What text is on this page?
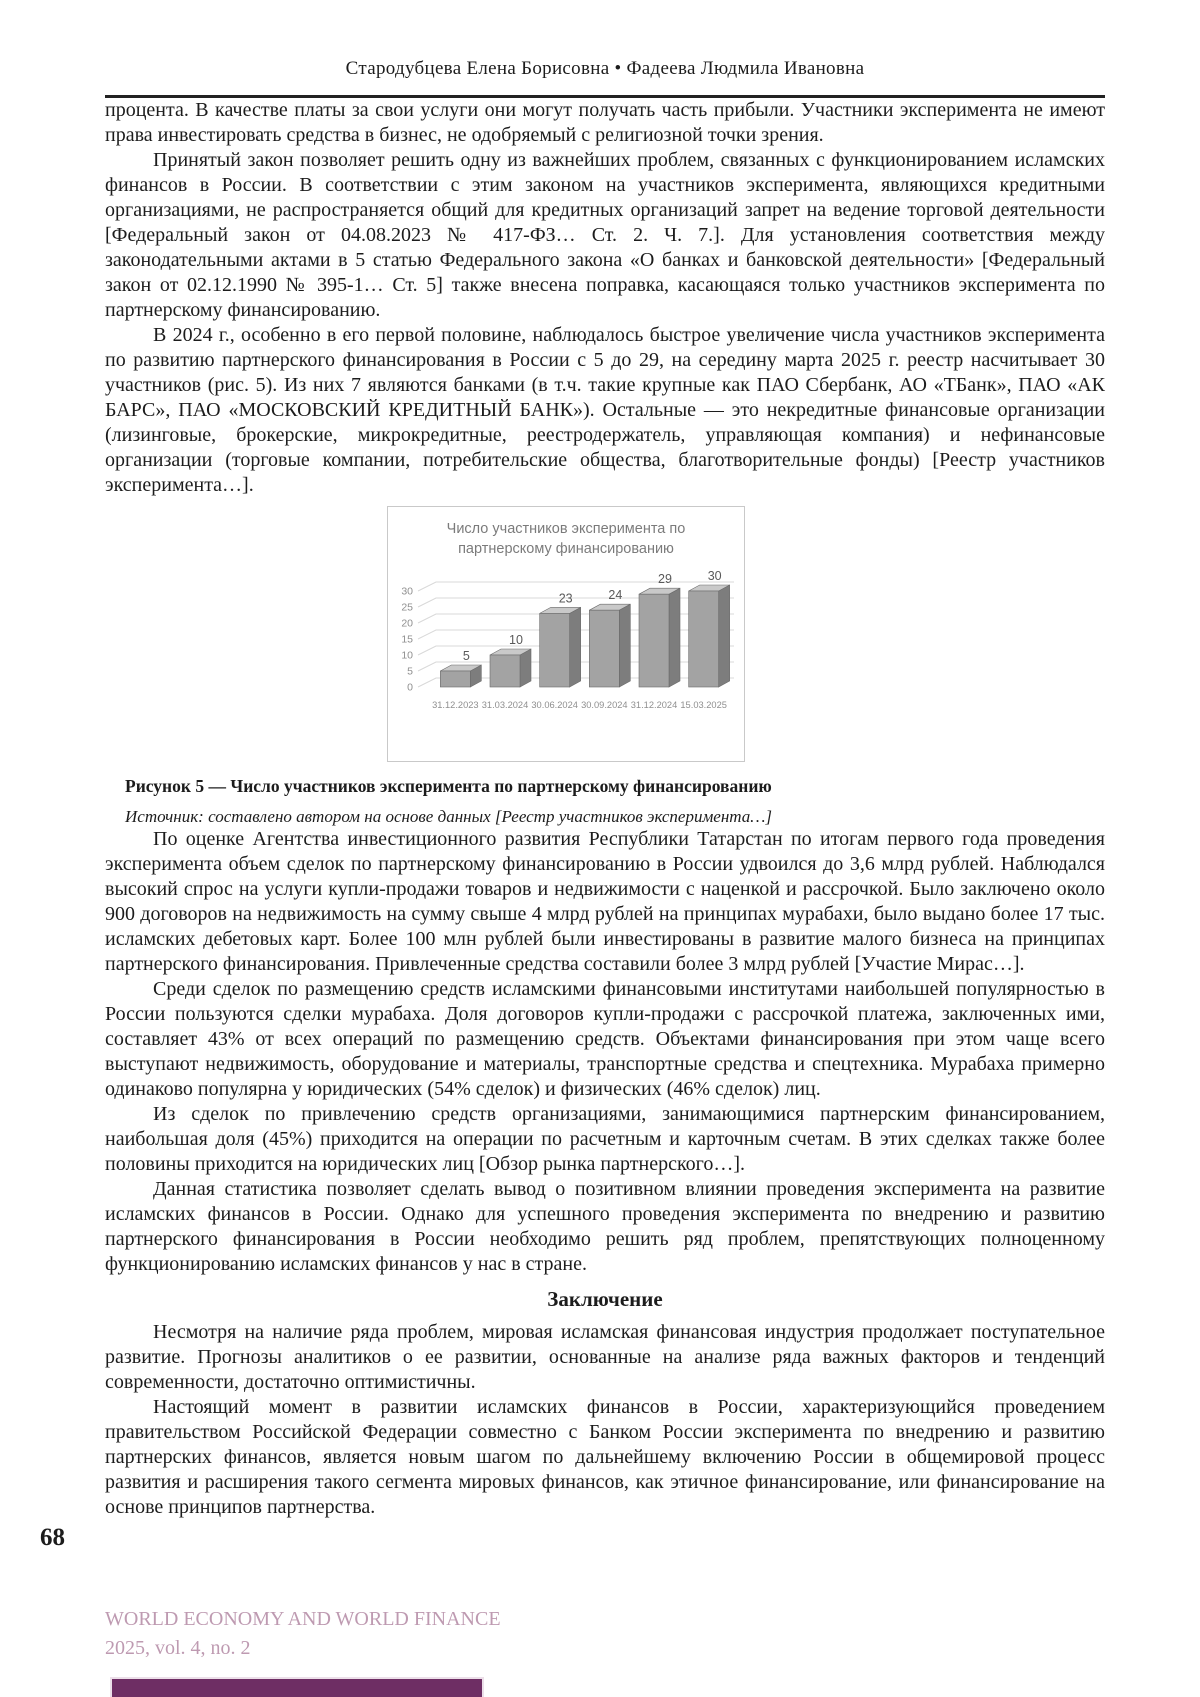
Стародубцева Елена Борисовна • Фадеева Людмила Ивановна

процента. В качестве платы за свои услуги они могут получать часть прибыли. Участники эксперимента не имеют права инвестировать средства в бизнес, не одобряемый с религиозной точки зрения.

Принятый закон позволяет решить одну из важнейших проблем, связанных с функционированием исламских финансов в России. В соответствии с этим законом на участников эксперимента, являющихся кредитными организациями, не распространяется общий для кредитных организаций запрет на ведение торговой деятельности [Федеральный закон от 04.08.2023 № 417-ФЗ… Ст. 2. Ч. 7.]. Для установления соответствия между законодательными актами в 5 статью Федерального закона «О банках и банковской деятельности» [Федеральный закон от 02.12.1990 № 395-1… Ст. 5] также внесена поправка, касающаяся только участников эксперимента по партнерскому финансированию.

В 2024 г., особенно в его первой половине, наблюдалось быстрое увеличение числа участников эксперимента по развитию партнерского финансирования в России с 5 до 29, на середину марта 2025 г. реестр насчитывает 30 участников (рис. 5). Из них 7 являются банками (в т.ч. такие крупные как ПАО Сбербанк, АО «ТБанк», ПАО «АК БАРС», ПАО «МОСКОВСКИЙ КРЕДИТНЫЙ БАНК»). Остальные — это некредитные финансовые организации (лизинговые, брокерские, микрокредитные, реестродержатель, управляющая компания) и нефинансовые организации (торговые компании, потребительские общества, благотворительные фонды) [Реестр участников эксперимента…].

Число участников эксперимента по партнерскому финансированию
0
5
10
15
20
25
30
5
31.12.2023
10
31.03.2024
23
30.06.2024
24
30.09.2024
29
31.12.2024
30
15.03.2025
Рисунок 5 — Число участников эксперимента по партнерскому финансированию
Источник: составлено автором на основе данных [Реестр участников эксперимента…]

По оценке Агентства инвестиционного развития Республики Татарстан по итогам первого года проведения эксперимента объем сделок по партнерскому финансированию в России удвоился до 3,6 млрд рублей. Наблюдался высокий спрос на услуги купли-продажи товаров и недвижимости с наценкой и рассрочкой. Было заключено около 900 договоров на недвижимость на сумму свыше 4 млрд рублей на принципах мурабахи, было выдано более 17 тыс. исламских дебетовых карт. Более 100 млн рублей были инвестированы в развитие малого бизнеса на принципах партнерского финансирования. Привлеченные средства составили более 3 млрд рублей [Участие Мирас…].

Среди сделок по размещению средств исламскими финансовыми институтами наибольшей популярностью в России пользуются сделки мурабаха. Доля договоров купли-продажи с рассрочкой платежа, заключенных ими, составляет 43% от всех операций по размещению средств. Объектами финансирования при этом чаще всего выступают недвижимость, оборудование и материалы, транспортные средства и спецтехника. Мурабаха примерно одинаково популярна у юридических (54% сделок) и физических (46% сделок) лиц.

Из сделок по привлечению средств организациями, занимающимися партнерским финансированием, наибольшая доля (45%) приходится на операции по расчетным и карточным счетам. В этих сделках также более половины приходится на юридических лиц [Обзор рынка партнерского…].

Данная статистика позволяет сделать вывод о позитивном влиянии проведения эксперимента на развитие исламских финансов в России. Однако для успешного проведения эксперимента по внедрению и развитию партнерского финансирования в России необходимо решить ряд проблем, препятствующих полноценному функционированию исламских финансов у нас в стране.

Заключение

Несмотря на наличие ряда проблем, мировая исламская финансовая индустрия продолжает поступательное развитие. Прогнозы аналитиков о ее развитии, основанные на анализе ряда важных факторов и тенденций современности, достаточно оптимистичны.

Настоящий момент в развитии исламских финансов в России, характеризующийся проведением правительством Российской Федерации совместно с Банком России эксперимента по внедрению и развитию партнерских финансов, является новым шагом по дальнейшему включению России в общемировой процесс развития и расширения такого сегмента мировых финансов, как этичное финансирование, или финансирование на основе принципов партнерства.

68
WORLD ECONOMY AND WORLD FINANCE
2025, vol. 4, no. 2
